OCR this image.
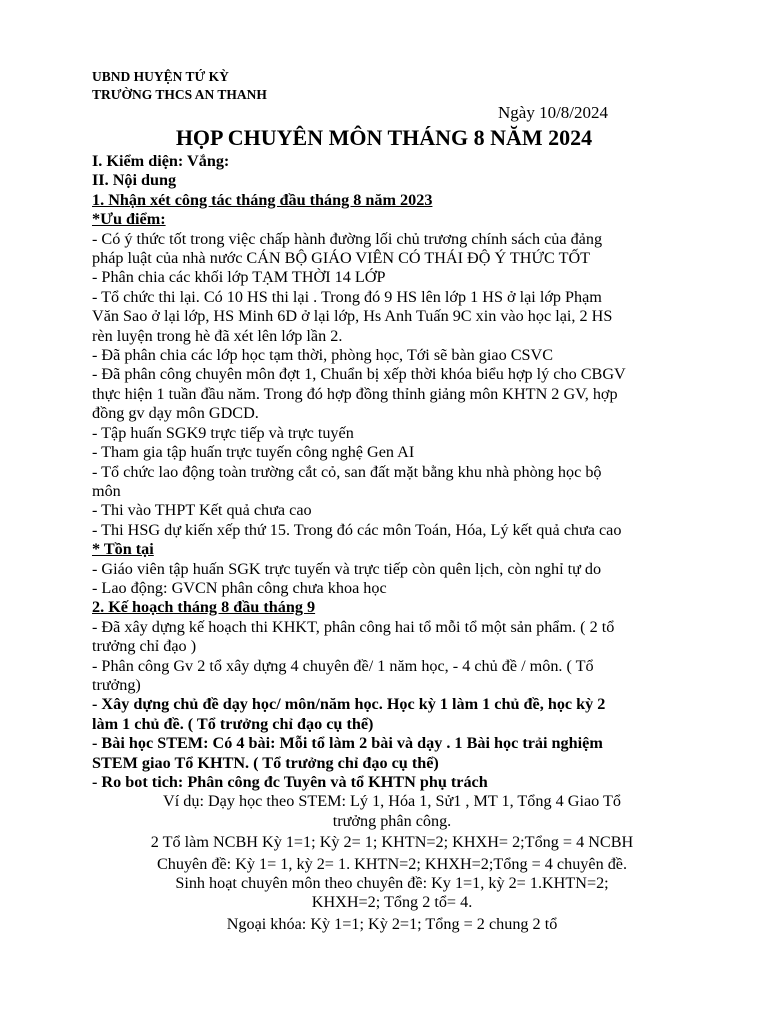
UBND HUYỆN TỨ KỲ
TRƯỜNG THCS AN THANH
Ngày 10/8/2024
HỌP CHUYÊN MÔN THÁNG 8 NĂM 2024

I. Kiểm diện: Vắng:

II. Nội dung

1. Nhận xét công tác tháng đầu tháng 8 năm 2023

*Ưu điểm:

- Có ý thức tốt trong việc chấp hành đường lối chủ trương chính sách của đảng

pháp luật của nhà nước CÁN BỘ GIÁO VIÊN CÓ THÁI ĐỘ Ý THỨC TỐT

- Phân chia các khối lớp TẠM THỜI 14 LỚP

- Tổ chức thi lại. Có 10 HS thi lại . Trong đó 9 HS lên lớp 1 HS ở lại lớp Phạm

Văn Sao ở lại lớp, HS Minh 6D ở lại lớp, Hs Anh Tuấn 9C xin vào học lại, 2 HS

rèn luyện trong hè đã xét lên lớp lần 2.

- Đã phân chia các lớp học tạm thời, phòng học, Tới sẽ bàn giao CSVC

- Đã phân công chuyên môn đợt 1, Chuẩn bị xếp thời khóa biểu hợp lý cho CBGV

thực hiện 1 tuần đầu năm. Trong đó hợp đồng thỉnh giảng môn KHTN 2 GV, hợp

đồng gv dạy môn GDCD.

- Tập huấn SGK9 trực tiếp và trực tuyến

- Tham gia tập huấn trực tuyến công nghệ Gen AI

- Tổ chức lao động toàn trường cắt cỏ, san đất mặt bằng khu nhà phòng học bộ

môn

- Thi vào THPT Kết quả chưa cao

- Thi HSG dự kiến xếp thứ 15. Trong đó các môn Toán, Hóa, Lý kết quả chưa cao

* Tồn tại

- Giáo viên tập huấn SGK trực tuyến và trực tiếp còn quên lịch, còn nghỉ tự do

- Lao động: GVCN phân công chưa khoa học

2. Kế hoạch tháng 8 đầu tháng 9

- Đã xây dựng kế hoạch thi KHKT, phân công hai tổ mỗi tổ một sản phẩm. ( 2 tổ

trưởng chỉ đạo )

- Phân công Gv 2 tổ xây dựng 4 chuyên đề/ 1 năm học, - 4 chủ đề / môn. ( Tổ

trưởng)

- Xây dựng chủ đề dạy học/ môn/năm học. Học kỳ 1 làm 1 chủ đề, học kỳ 2

làm 1 chủ đề. ( Tổ trưởng chỉ đạo cụ thể)

- Bài học STEM: Có 4 bài: Mỗi tổ làm 2 bài và dạy . 1 Bài học trải nghiệm

STEM giao Tổ KHTN. ( Tổ trưởng chỉ đạo cụ thể)

- Ro bot tich: Phân công đc Tuyên và tổ KHTN phụ trách

Ví dụ: Dạy học theo STEM: Lý 1, Hóa 1, Sử1 , MT 1, Tổng 4 Giao Tổ

trưởng phân công.

2 Tổ làm NCBH Kỳ 1=1; Kỳ 2= 1; KHTN=2; KHXH= 2;Tổng = 4 NCBH

Chuyên đề: Kỳ 1= 1, kỳ 2= 1. KHTN=2; KHXH=2;Tổng = 4 chuyên đề.

Sinh hoạt chuyên môn theo chuyên đề: Ky 1=1, kỳ 2= 1.KHTN=2;

KHXH=2; Tổng 2 tổ= 4.

Ngoại khóa: Kỳ 1=1; Kỳ 2=1; Tổng = 2 chung 2 tổ
